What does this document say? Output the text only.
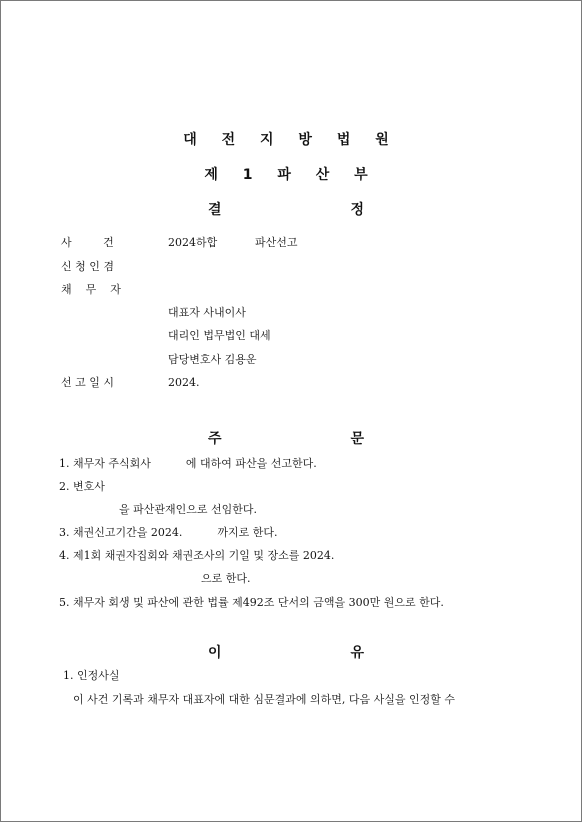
대 전 지 방 법 원
제 1 파 산 부
결        정
사         건	2024하합	파산선고
신 청 인 겸
채    무    자
대표자 사내이사
대리인 법무법인 대세
담당변호사 김용운
선 고 일 시	2024.
주        문
1. 채무자 주식회사          에 대하여 파산을 선고한다.
2. 변호사
을 파산관재인으로 선임한다.
3. 채권신고기간을 2024.          까지로 한다.
4. 제1회 채권자집회와 채권조사의 기일 및 장소를 2024.
으로 한다.
5. 채무자 회생 및 파산에 관한 법률 제492조 단서의 금액을 300만 원으로 한다.
이        유
1. 인정사실
이 사건 기록과 채무자 대표자에 대한 심문결과에 의하면, 다음 사실을 인정할 수
